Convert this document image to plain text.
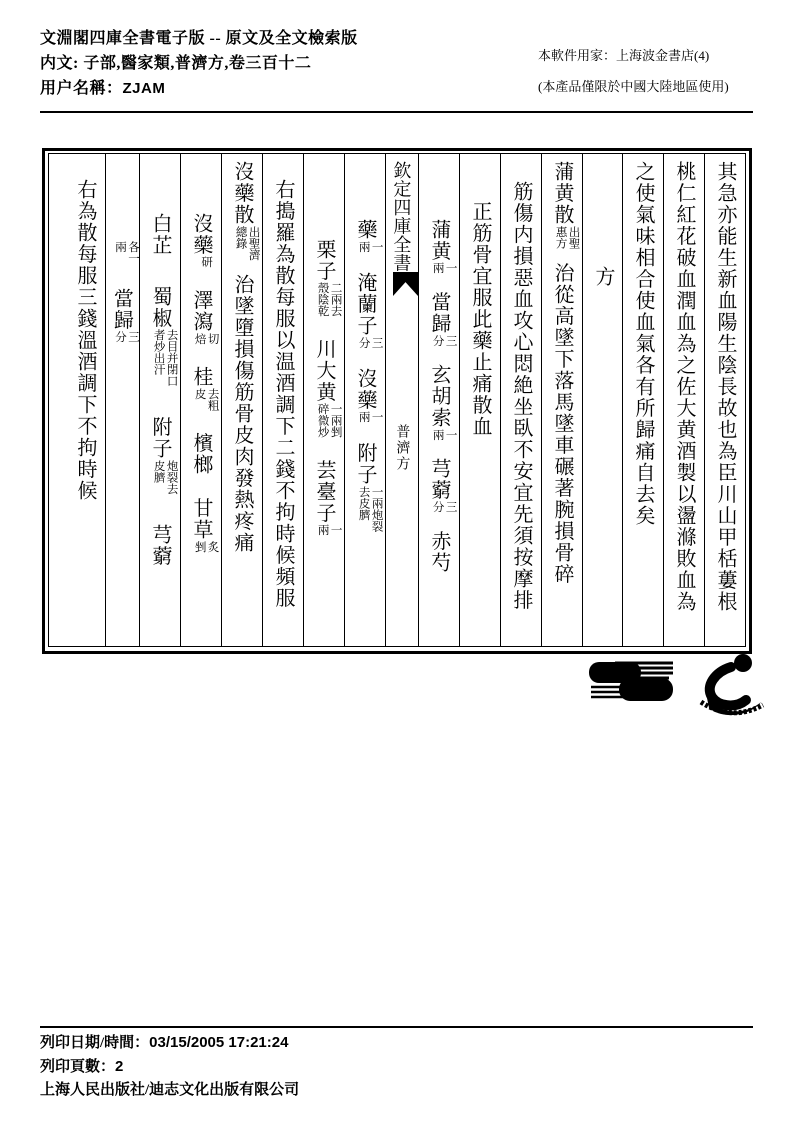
文淵閣四庫全書電子版 -- 原文及全文檢索版
内文: 子部,醫家類,普濟方,卷三百十二
用户名稱：ZJAM
本軟件用家：上海波金書店(4)
(本產品僅限於中國大陸地區使用)
其急亦能生新血陽生陰長故也為臣川山甲栝蔞根
桃仁紅花破血潤血為之佐大黄酒製以盪滌敗血為
之使氣味相合使血氣各有所歸痛自去矣
方
蒲黄散
出聖
惠方
治從高墜下落馬墜車碾著腕損骨碎
筋傷内損惡血攻心悶絶坐臥不安宜先須按摩排
正筋骨宜服此藥止痛散血
蒲黄
一
兩
當歸
三
分
玄胡索
一
兩
芎藭
三
分
赤芍
欽定四庫全書普濟方
藥
一
兩
淹蘭子
三
分
沒藥
一
兩
附子
一兩炮裂
去皮臍
栗子
二兩去
殼陰乾
川大黄
一兩剉
碎微炒
芸臺子
一
兩
右搗羅為散每服以温酒調下二錢不拘時候頻服
沒藥散
出聖濟
總錄
治墜墮損傷筋骨皮肉發熱疼痛
沒藥
研
澤瀉
切
焙
桂
去粗
皮
檳榔甘草
炙
剉
白芷蜀椒
去目并閉口
者炒出汗
附子
炮裂去
皮臍
芎藭
各一
兩
當歸
三
分
右為散每服三錢溫酒調下不拘時候
列印日期/時間：03/15/2005 17:21:24
列印頁數：2
上海人民出版社/迪志文化出版有限公司
